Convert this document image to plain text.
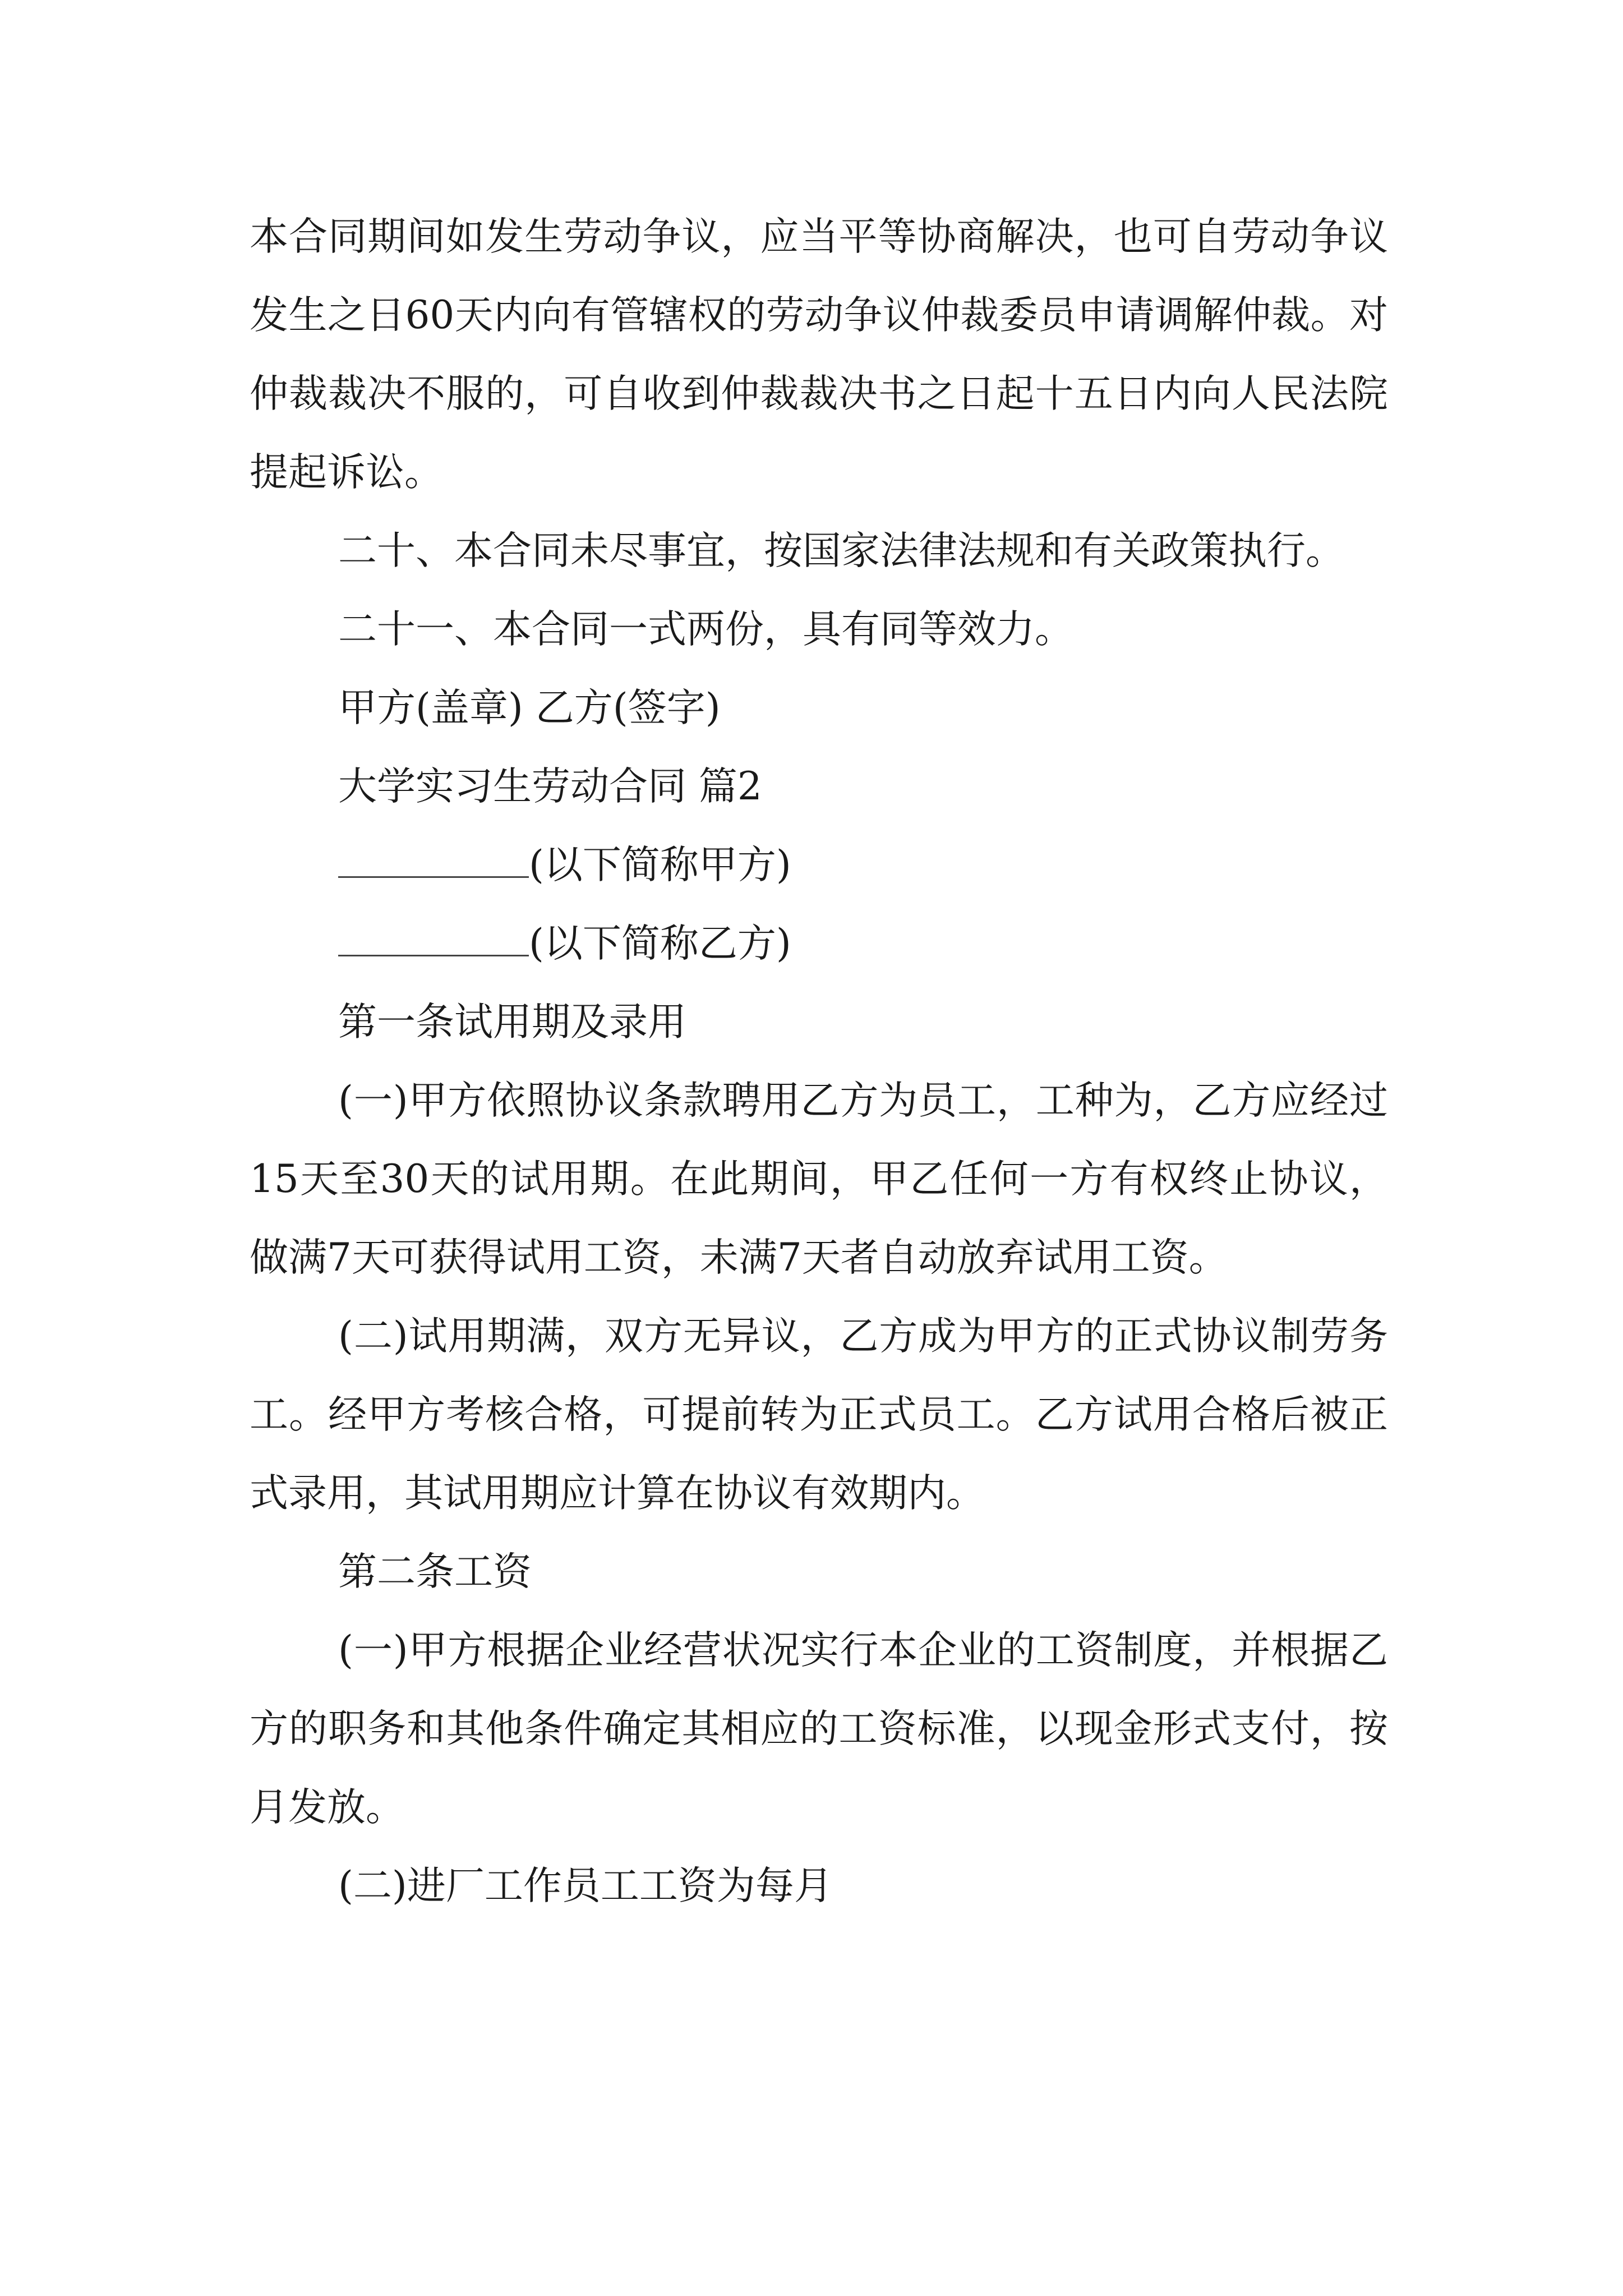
本合同期间如发生劳动争议，应当平等协商解决，也可自劳动争议发生之日60天内向有管辖权的劳动争议仲裁委员申请调解仲裁。对仲裁裁决不服的，可自收到仲裁裁决书之日起十五日内向人民法院提起诉讼。

二十、本合同未尽事宜，按国家法律法规和有关政策执行。

二十一、本合同一式两份，具有同等效力。

甲方(盖章) 乙方(签字)

大学实习生劳动合同 篇2

(以下简称甲方)

(以下简称乙方)

第一条试用期及录用

(一)甲方依照协议条款聘用乙方为员工，工种为，乙方应经过15天至30天的试用期。在此期间，甲乙任何一方有权终止协议，做满7天可获得试用工资，未满7天者自动放弃试用工资。

(二)试用期满，双方无异议，乙方成为甲方的正式协议制劳务工。经甲方考核合格，可提前转为正式员工。乙方试用合格后被正式录用，其试用期应计算在协议有效期内。

第二条工资

(一)甲方根据企业经营状况实行本企业的工资制度，并根据乙方的职务和其他条件确定其相应的工资标准，以现金形式支付，按月发放。

(二)进厂工作员工工资为每月
